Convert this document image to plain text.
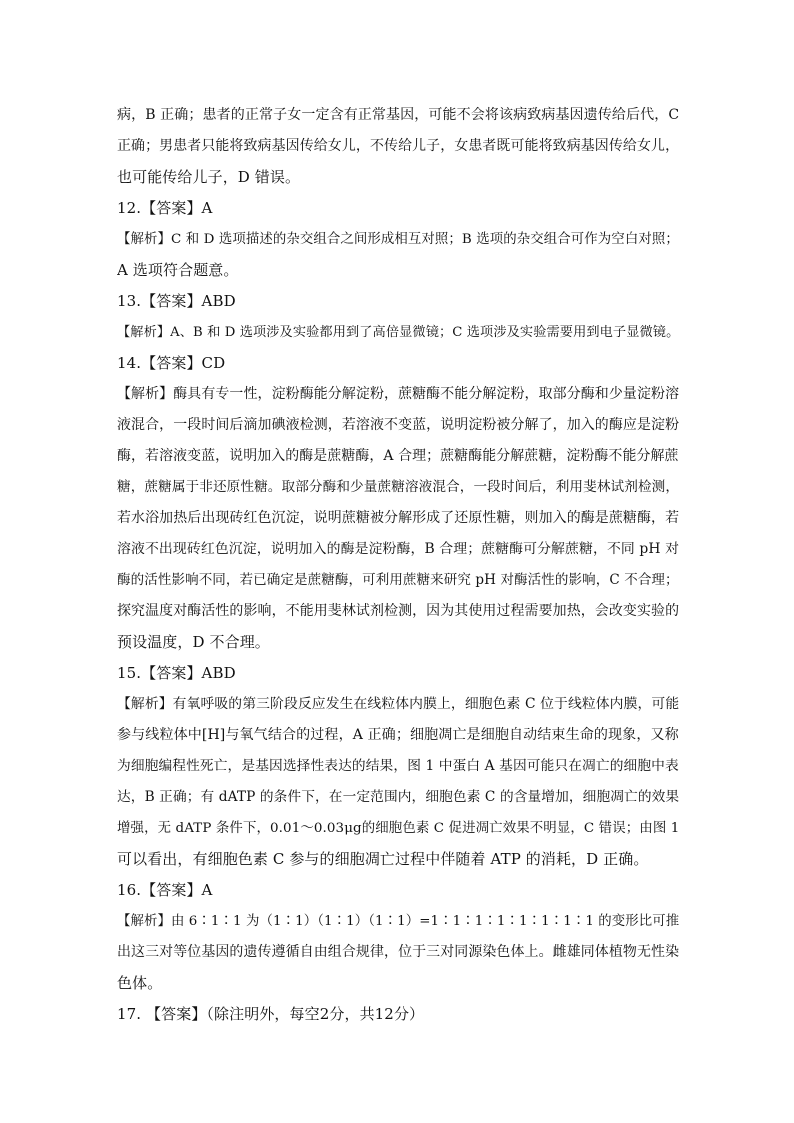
病，B 正确；患者的正常子女一定含有正常基因，可能不会将该病致病基因遗传给后代，C
正确；男患者只能将致病基因传给女儿，不传给儿子，女患者既可能将致病基因传给女儿，
也可能传给儿子，D 错误。
12.【答案】A
【解析】C 和 D 选项描述的杂交组合之间形成相互对照；B 选项的杂交组合可作为空白对照；
A 选项符合题意。
13.【答案】ABD
【解析】A、B 和 D 选项涉及实验都用到了高倍显微镜；C 选项涉及实验需要用到电子显微镜。
14.【答案】CD
【解析】酶具有专一性，淀粉酶能分解淀粉，蔗糖酶不能分解淀粉，取部分酶和少量淀粉溶
液混合，一段时间后滴加碘液检测，若溶液不变蓝，说明淀粉被分解了，加入的酶应是淀粉
酶，若溶液变蓝，说明加入的酶是蔗糖酶，A 合理；蔗糖酶能分解蔗糖，淀粉酶不能分解蔗
糖，蔗糖属于非还原性糖。取部分酶和少量蔗糖溶液混合，一段时间后，利用斐林试剂检测，
若水浴加热后出现砖红色沉淀，说明蔗糖被分解形成了还原性糖，则加入的酶是蔗糖酶，若
溶液不出现砖红色沉淀，说明加入的酶是淀粉酶，B 合理；蔗糖酶可分解蔗糖，不同 pH 对
酶的活性影响不同，若已确定是蔗糖酶，可利用蔗糖来研究 pH 对酶活性的影响，C 不合理；
探究温度对酶活性的影响，不能用斐林试剂检测，因为其使用过程需要加热，会改变实验的
预设温度，D 不合理。
15.【答案】ABD
【解析】有氧呼吸的第三阶段反应发生在线粒体内膜上，细胞色素 C 位于线粒体内膜，可能
参与线粒体中[H]与氧气结合的过程，A 正确；细胞凋亡是细胞自动结束生命的现象，又称
为细胞编程性死亡，是基因选择性表达的结果，图 1 中蛋白 A 基因可能只在凋亡的细胞中表
达，B 正确；有 dATP 的条件下，在一定范围内，细胞色素 C 的含量增加，细胞凋亡的效果
增强，无 dATP 条件下，0.01～0.03μg的细胞色素 C 促进凋亡效果不明显，C 错误；由图 1
可以看出，有细胞色素 C 参与的细胞凋亡过程中伴随着 ATP 的消耗，D 正确。
16.【答案】A
【解析】由 6∶1∶1 为（1∶1）（1∶1）（1∶1）=1∶1∶1∶1∶1∶1∶1∶1 的变形比可推
出这三对等位基因的遗传遵循自由组合规律，位于三对同源染色体上。雌雄同体植物无性染
色体。
17. 【答案】（除注明外，每空2分，共12分）
